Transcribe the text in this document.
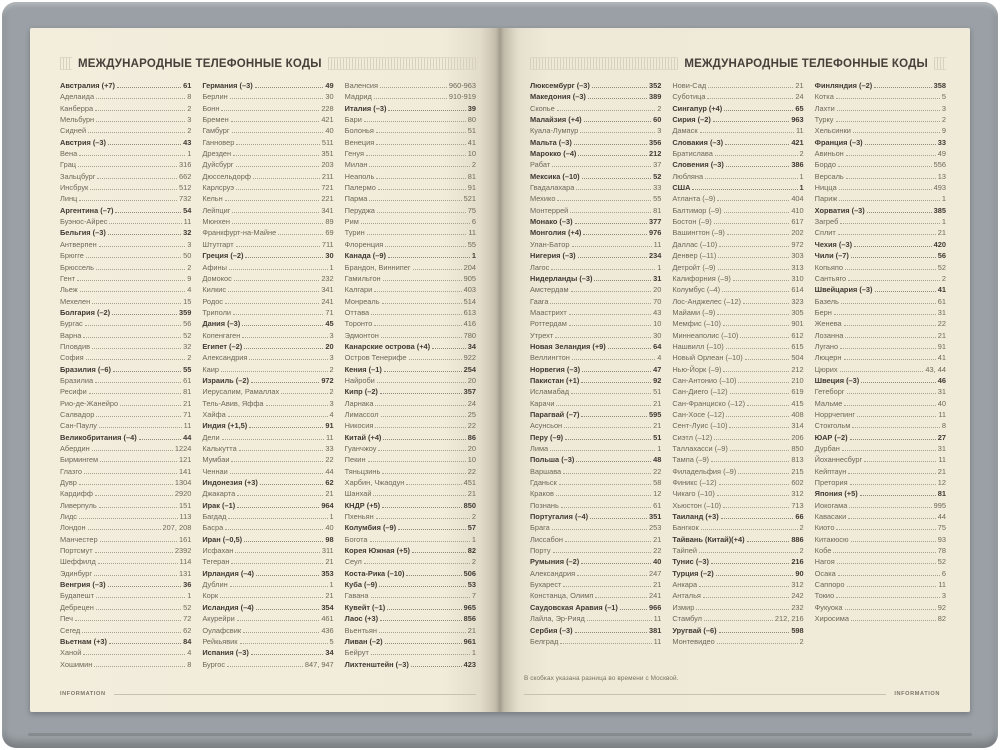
МЕЖДУНАРОДНЫЕ ТЕЛЕФОННЫЕ КОДЫ
Австралия (+7)	61
Аделаида	8
Канберра	2
Мельбурн	3
Сидней	2
Австрия (–3)	43
Вена	1
Грац	316
Зальцбург	662
Инсбрук	512
Линц	732
Аргентина (–7)	54
Буэнос-Айрес	11
Бельгия (–3)	32
Антверпен	3
Брюгге	50
Брюссель	2
Гент	9
Льеж	4
Мехелен	15
Болгария (–2)	359
Бургас	56
Варна	52
Пловдив	32
София	2
Бразилия (–6)	55
Бразилиа	61
Ресифи	81
Рио-де-Жанейро	21
Салвадор	71
Сан-Паулу	11
Великобритания (–4)	44
Абердин	1224
Бирмингем	121
Глазго	141
Дувр	1304
Кардифф	2920
Ливерпуль	151
Лидс	113
Лондон	207, 208
Манчестер	161
Портсмут	2392
Шеффилд	114
Эдинбург	131
Венгрия (–3)	36
Будапешт	1
Дебрецен	52
Печ	72
Сегед	62
Вьетнам (+3)	84
Ханой	4
Хошимин	8
Германия (–3)	49
Берлин	30
Бонн	228
Бремен	421
Гамбург	40
Ганновер	511
Дрезден	351
Дуйсбург	203
Дюссельдорф	211
Карлсруэ	721
Кельн	221
Лейпциг	341
Мюнхен	89
Франкфурт-на-Майне	69
Штутгарт	711
Греция (–2)	30
Афины	1
Домокос	232
Килкис	341
Родос	241
Триполи	71
Дания (–3)	45
Копенгаген	3
Египет (–2)	20
Александрия	3
Каир	2
Израиль (–2)	972
Иерусалим, Рамаллах	2
Тель-Авив, Яффа	3
Хайфа	4
Индия (+1,5)	91
Дели	11
Калькутта	33
Мумбаи	22
Ченнаи	44
Индонезия (+3)	62
Джакарта	21
Ирак (–1)	964
Багдад	1
Басра	40
Иран (–0,5)	98
Исфахан	311
Тегеран	21
Ирландия (–4)	353
Дублин	1
Корк	21
Исландия (–4)	354
Акурейри	461
Оулафсвик	436
Рейкьявик	5
Испания (–3)	34
Бургос	847, 947
Валенсия	960-963
Мадрид	910-919
Италия (–3)	39
Бари	80
Болонья	51
Венеция	41
Генуя	10
Милан	2
Неаполь	81
Палермо	91
Парма	521
Перуджа	75
Рим	6
Турин	11
Флоренция	55
Канада (–9)	1
Брандон, Виннипег	204
Гамильтон	905
Калгари	403
Монреаль	514
Оттава	613
Торонто	416
Эдмонтон	780
Канарские острова (+4)	34
Остров Тенерифе	922
Кения (–1)	254
Найроби	20
Кипр (–2)	357
Ларнака	24
Лимассол	25
Никосия	22
Китай (+4)	86
Гуанчжоу	20
Пекин	10
Тяньцзинь	22
Харбин, Чжаодун	451
Шанхай	21
КНДР (+5)	850
Пхеньян	2
Колумбия (–9)	57
Богота	1
Корея Южная (+5)	82
Сеул	2
Коста-Рика (–10)	506
Куба (–9)	53
Гавана	7
Кувейт (–1)	965
Лаос (+3)	856
Вьентьян	21
Ливан (–2)	961
Бейрут	1
Лихтенштейн (–3)	423
INFORMATION
МЕЖДУНАРОДНЫЕ ТЕЛЕФОННЫЕ КОДЫ
Люксембург (–3)	352
Македония (–3)	389
Скопье	2
Малайзия (+4)	60
Куала-Лумпур	3
Мальта (–3)	356
Марокко (–4)	212
Рабат	37
Мексика (–10)	52
Гвадалахара	33
Мехико	55
Монтеррей	81
Монако (–3)	377
Монголия (+4)	976
Улан-Батор	11
Нигерия (–3)	234
Лагос	1
Нидерланды (–3)	31
Амстердам	20
Гаага	70
Маастрихт	43
Роттердам	10
Утрехт	30
Новая Зеландия (+9)	64
Веллингтон	4
Норвегия (–3)	47
Пакистан (+1)	92
Исламабад	51
Карачи	21
Парагвай (–7)	595
Асунсьон	21
Перу (–9)	51
Лима	1
Польша (–3)	48
Варшава	22
Гданьск	58
Краков	12
Познань	61
Португалия (–4)	351
Брага	253
Лиссабон	21
Порту	22
Румыния (–2)	40
Александрия	247
Бухарест	21
Констанца, Олимп	241
Саудовская Аравия (–1)	966
Лайла, Эр-Рияд	11
Сербия (–3)	381
Белград	11
Нови-Сад	21
Суботица	24
Сингапур (+4)	65
Сирия (–2)	963
Дамаск	11
Словакия (–3)	421
Братислава	2
Словения (–3)	386
Любляна	1
США	1
Атланта (–9)	404
Балтимор (–9)	410
Бостон (–9)	617
Вашингтон (–9)	202
Даллас (–10)	972
Денвер (–11)	303
Детройт (–9)	313
Калифорния (–9)	310
Колумбус (–4)	614
Лос-Анджелес (–12)	323
Майами (–9)	305
Мемфис (–10)	901
Миннеаполис (–10)	612
Нашвилл (–10)	615
Новый Орлеан (–10)	504
Нью-Йорк (–9)	212
Сан-Антонио (–10)	210
Сан-Диего (–12)	619
Сан-Франциско (–12)	415
Сан-Хосе (–12)	408
Сент-Луис (–10)	314
Сиэтл (–12)	206
Таллахасси (–9)	850
Тампа (–9)	813
Филадельфия (–9)	215
Финикс (–12)	602
Чикаго (–10)	312
Хьюстон (–10)	713
Таиланд (+3)	66
Бангкок	2
Тайвань (Китай)(+4)	886
Тайпей	2
Тунис (–3)	216
Турция (–2)	90
Анкара	312
Анталья	242
Измир	232
Стамбул	212, 216
Уругвай (–6)	598
Монтевидео	2
Финляндия (–2)	358
Котка	5
Лахти	3
Турку	2
Хельсинки	9
Франция (–3)	33
Авиньон	49
Бордо	556
Версаль	13
Ницца	493
Париж	1
Хорватия (–3)	385
Загреб	1
Сплит	21
Чехия (–3)	420
Чили (–7)	56
Копьяпо	52
Сантьяго	2
Швейцария (–3)	41
Базель	61
Берн	31
Женева	22
Лозанна	21
Лугано	91
Люцерн	41
Цюрих	43, 44
Швеция (–3)	46
Гетеборг	31
Мальме	40
Норрчепинг	11
Стокгольм	8
ЮАР (–2)	27
Дурбан	31
Йоханнесбург	11
Кейптаун	21
Претория	12
Япония (+5)	81
Иокогама	995
Кавасаки	44
Киото	75
Китакюсю	93
Кобе	78
Нагоя	52
Осака	6
Саппоро	11
Токио	3
Фукуока	92
Хиросима	82
В скобках указана разница во времени с Москвой.
INFORMATION
